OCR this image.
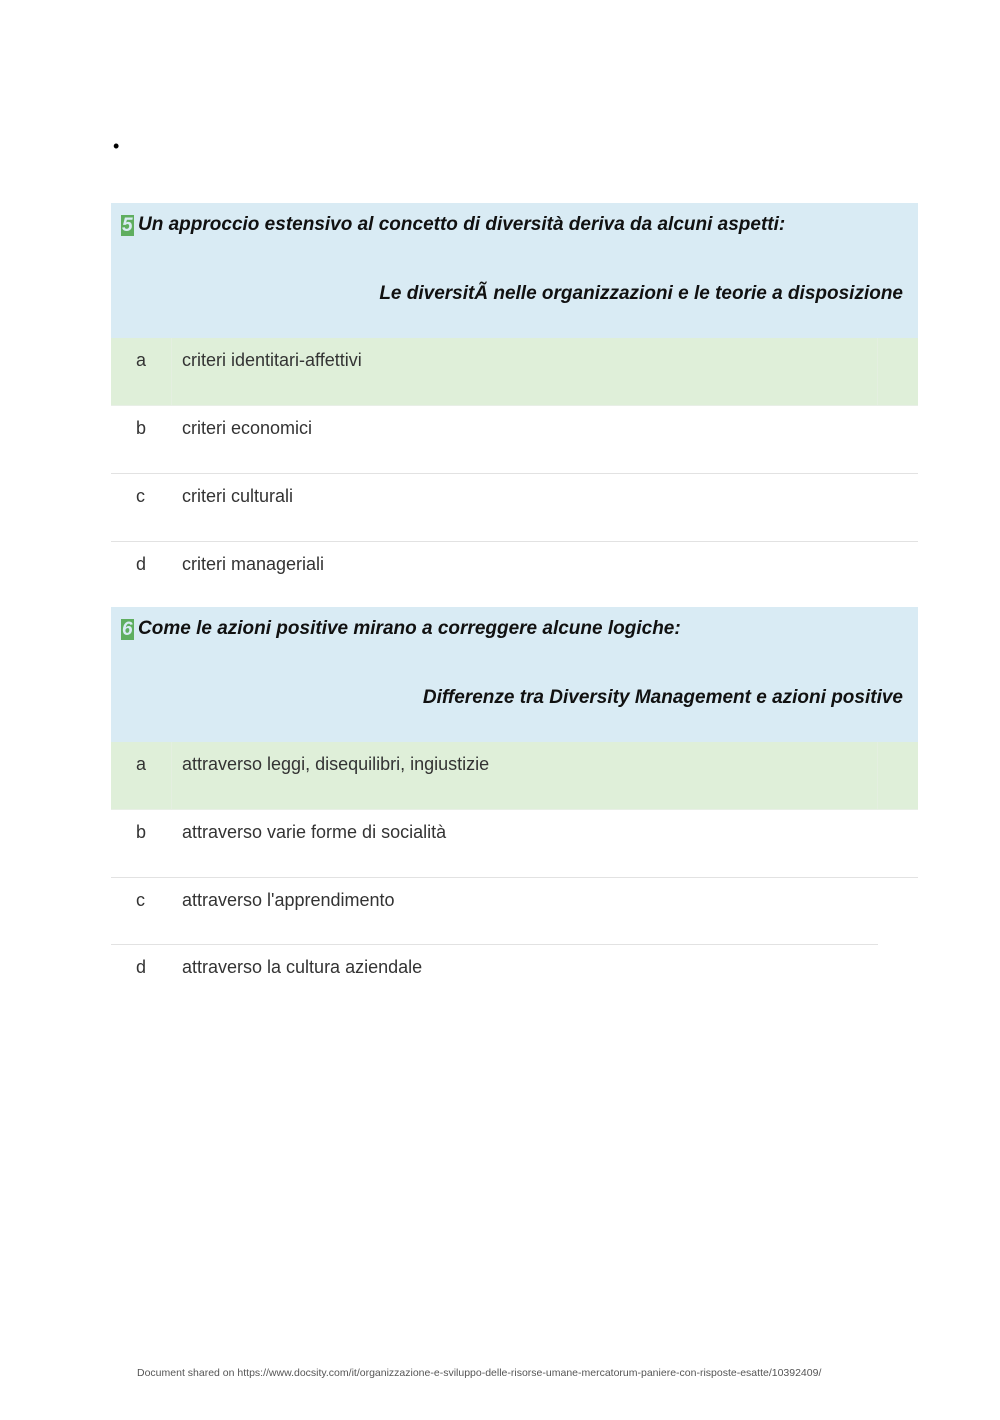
•
5 Un approccio estensivo al concetto di diversità deriva da alcuni aspetti:
Le diversitÃ nelle organizzazioni e le teorie a disposizione
a criteri identitari-affettivi
b criteri economici
c criteri culturali
d criteri manageriali
6 Come le azioni positive mirano a correggere alcune logiche:
Differenze tra Diversity Management e azioni positive
a attraverso leggi, disequilibri, ingiustizie
b attraverso varie forme di socialità
c attraverso l'apprendimento
d attraverso la cultura aziendale
Document shared on https://www.docsity.com/it/organizzazione-e-sviluppo-delle-risorse-umane-mercatorum-paniere-con-risposte-esatte/10392409/
